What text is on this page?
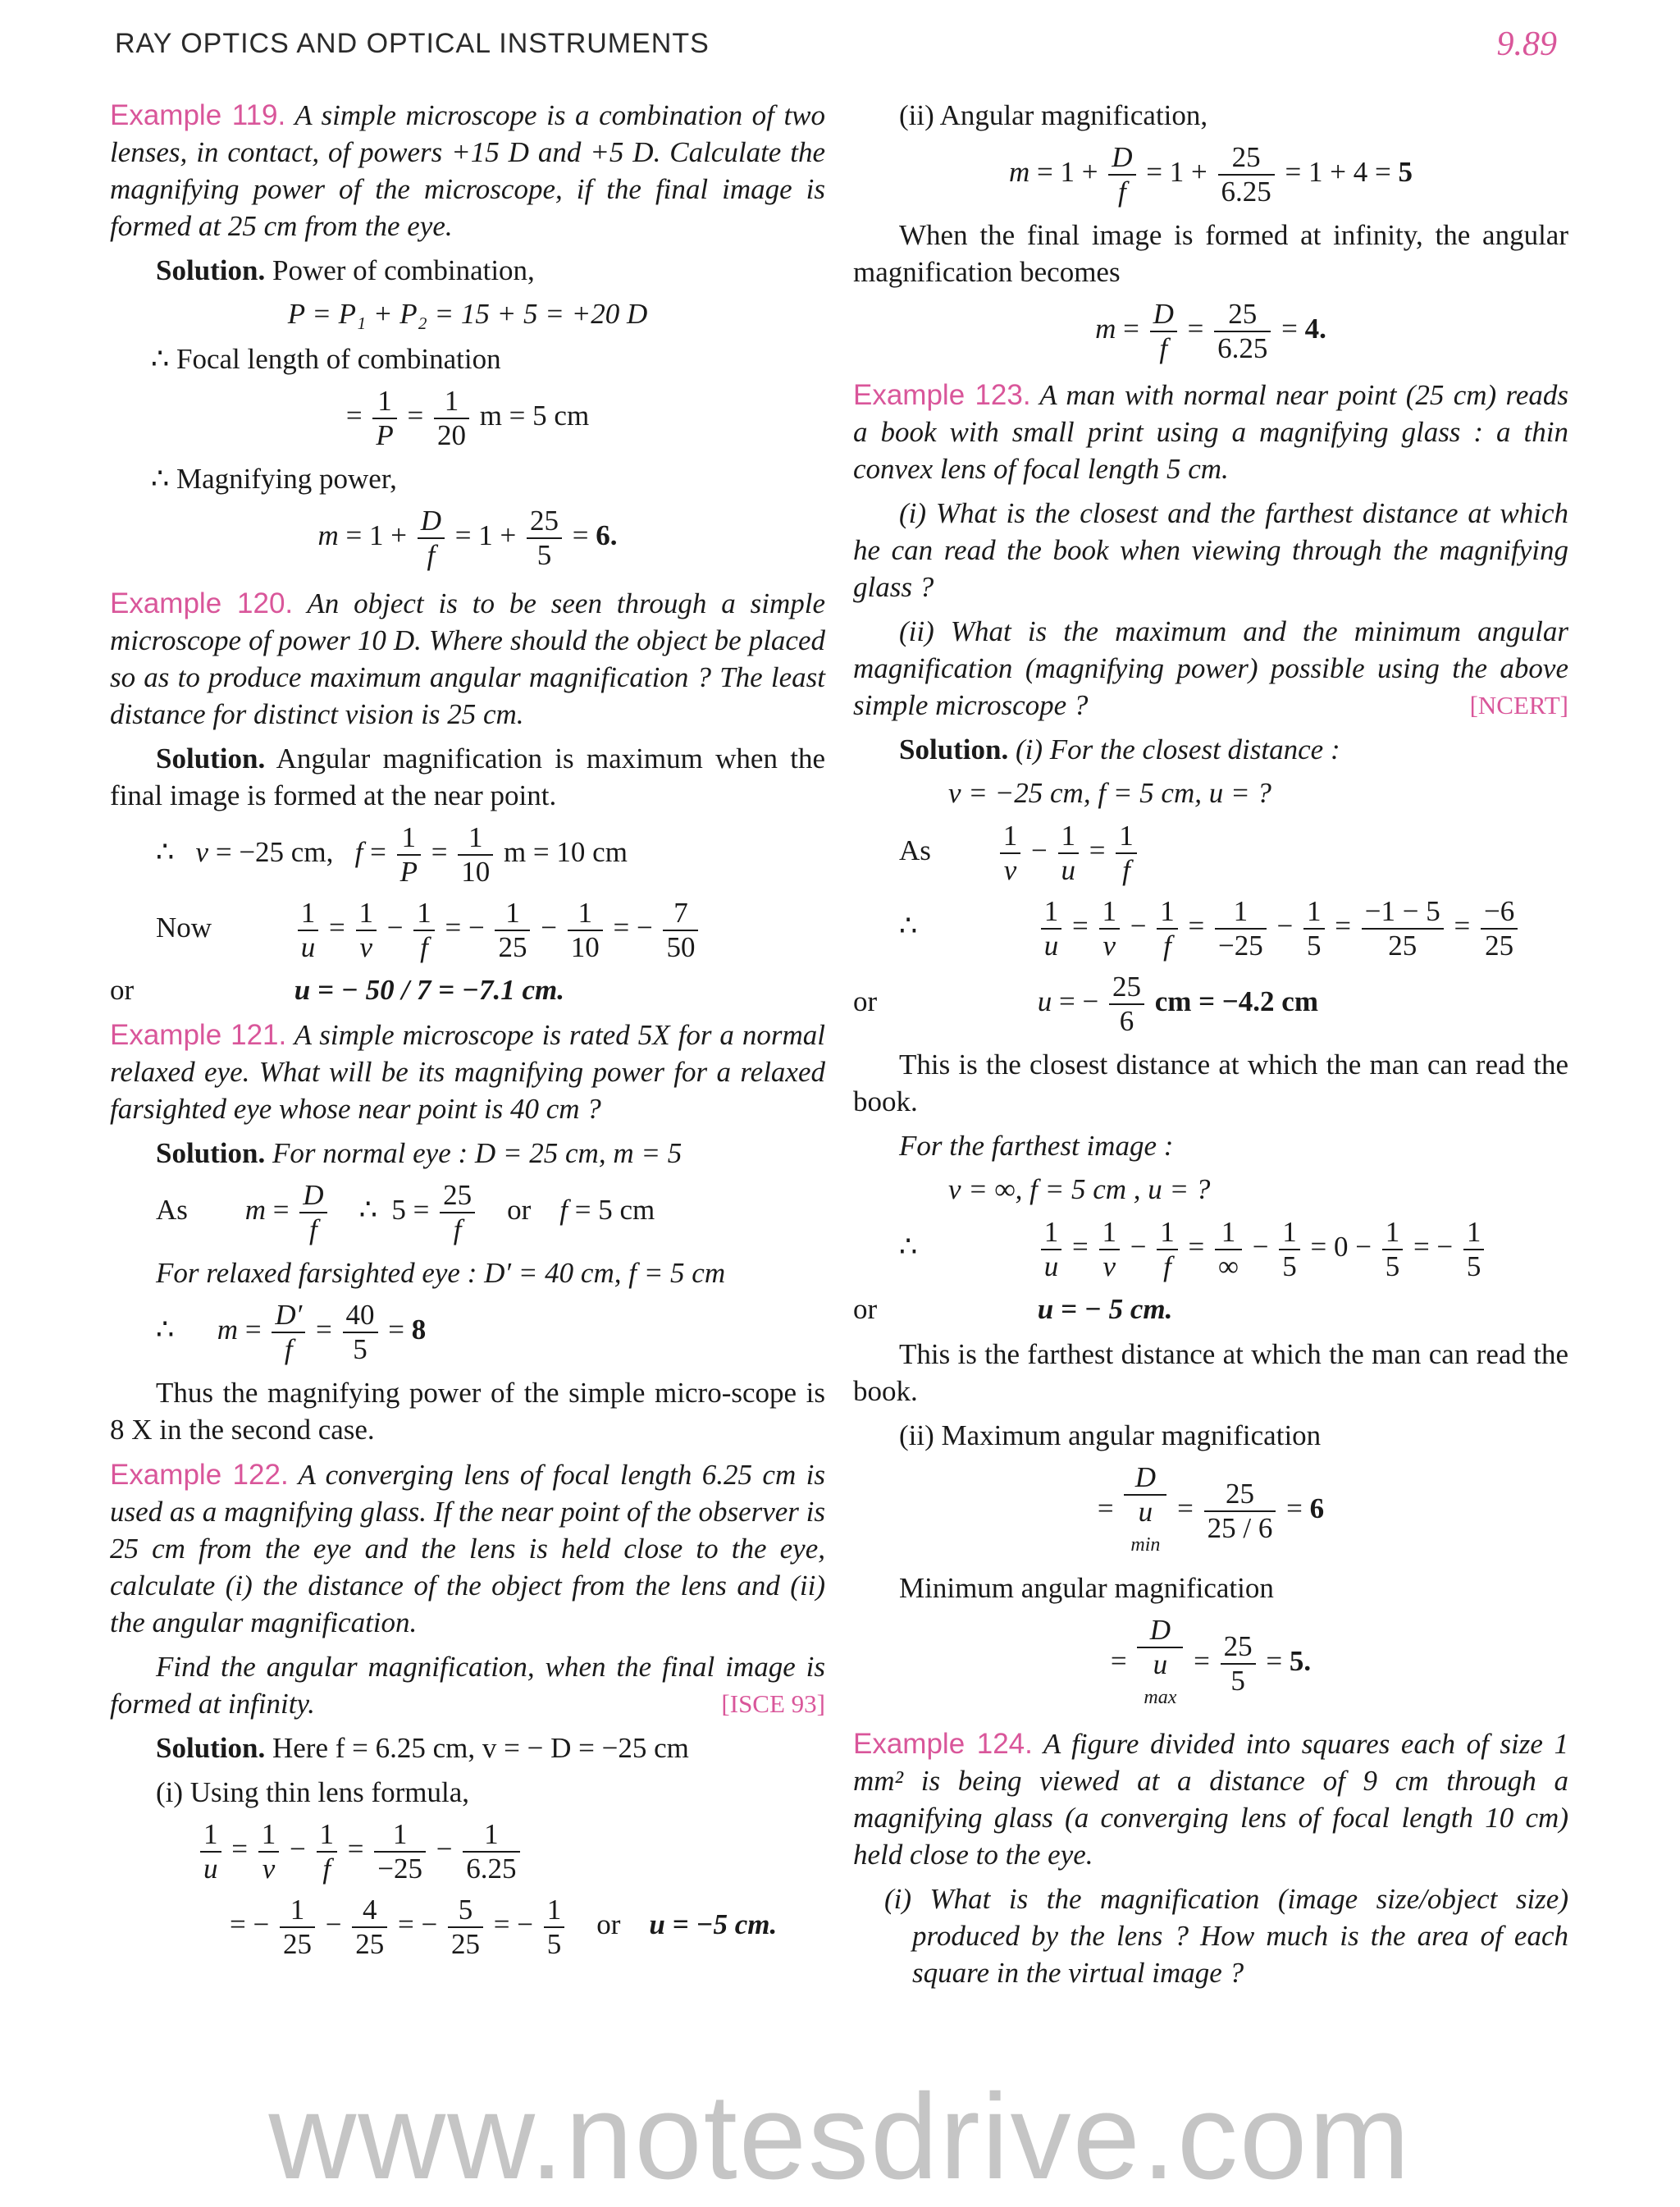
RAY OPTICS AND OPTICAL INSTRUMENTS	9.89

Example 119. A simple microscope is a combination of two lenses, in contact, of powers +15 D and +5 D. Calculate the magnifying power of the microscope, if the final image is formed at 25 cm from the eye.

Solution. Power of combination,

P = P₁ + P₂ = 15 + 5 = +20 D

∴ Focal length of combination

= $\frac{1}{P} = \frac{1}{20}$ m = 5 cm

∴ Magnifying power,

$m = 1 + \frac{D}{f} = 1 + \frac{25}{5} = 6$.

Example 120. An object is to be seen through a simple microscope of power 10 D. Where should the object be placed so as to produce maximum angular magnification ? The least distance for distinct vision is 25 cm.

Solution. Angular magnification is maximum when the final image is formed at the near point.

∴   v = −25 cm,   $f = \frac{1}{P} = \frac{1}{10}$ m = 10 cm
Now	$\frac{1}{u} = \frac{1}{v} - \frac{1}{f}$ = − $\frac{1}{25} - \frac{1}{10}$ = − $\frac{7}{50}$
or	u = − 50 / 7 = −7.1 cm.

Example 121. A simple microscope is rated 5X for a normal relaxed eye. What will be its magnifying power for a relaxed farsighted eye whose near point is 40 cm ?

Solution. For normal eye : D = 25 cm, m = 5

As $m = \frac{D}{f}$ ∴  $5 = \frac{25}{f}$ or    f = 5 cm

For relaxed farsighted eye : D′ = 40 cm, f = 5 cm

∴      $m = \frac{D'}{f} = \frac{40}{5} = 8$

Thus the magnifying power of the simple micro-scope is 8 X in the second case.

Example 122. A converging lens of focal length 6.25 cm is used as a magnifying glass. If the near point of the observer is 25 cm from the eye and the lens is held close to the eye, calculate (i) the distance of the object from the lens and (ii) the angular magnification.

Find the angular magnification, when the final image is formed at infinity.	[ISCE 93]

Solution. Here f = 6.25 cm, v = − D = −25 cm

(i) Using thin lens formula,

$\frac{1}{u} = \frac{1}{v} - \frac{1}{f} = \frac{1}{-25} - \frac{1}{6.25}$
= − $\frac{1}{25} - \frac{4}{25}$ = − $\frac{5}{25}$ = − $\frac{1}{5}$ or u = −5 cm.

(ii) Angular magnification,

$m = 1 + \frac{D}{f} = 1 + \frac{25}{6.25} = 1 + 4 = 5$

When the final image is formed at infinity, the angular magnification becomes

$m = \frac{D}{f} = \frac{25}{6.25} = 4$.

Example 123. A man with normal near point (25 cm) reads a book with small print using a magnifying glass : a thin convex lens of focal length 5 cm.

(i) What is the closest and the farthest distance at which he can read the book when viewing through the magnifying glass ?

(ii) What is the maximum and the minimum angular magnification (magnifying power) possible using the above simple microscope ?	[NCERT]

Solution. (i) For the closest distance :

v = −25 cm, f = 5 cm, u = ?
As $\frac{1}{v} - \frac{1}{u} = \frac{1}{f}$
∴	$\frac{1}{u} = \frac{1}{v} - \frac{1}{f} = \frac{1}{-25} - \frac{1}{5} = \frac{-1 - 5}{25} = \frac{-6}{25}$
or	u = − $\frac{25}{6}$ cm = −4.2 cm

This is the closest distance at which the man can read the book.

For the farthest image :

v = ∞, f = 5 cm , u = ?
∴	$\frac{1}{u} = \frac{1}{v} - \frac{1}{f} = \frac{1}{\infty} - \frac{1}{5} = 0 - \frac{1}{5}$ = − $\frac{1}{5}$
or	u = − 5 cm.

This is the farthest distance at which the man can read the book.

(ii) Maximum angular magnification

= D
u
$\min = \frac{25}{25 / 6} = 6$

Minimum angular magnification

= D
u
$\max = \frac{25}{5} = 5$.

Example 124. A figure divided into squares each of size 1 mm² is being viewed at a distance of 9 cm through a magnifying glass (a converging lens of focal length 10 cm) held close to the eye.

(i) What is the magnification (image size/object size) produced by the lens ? How much is the area of each square in the virtual image ?

www.notesdrive.com
